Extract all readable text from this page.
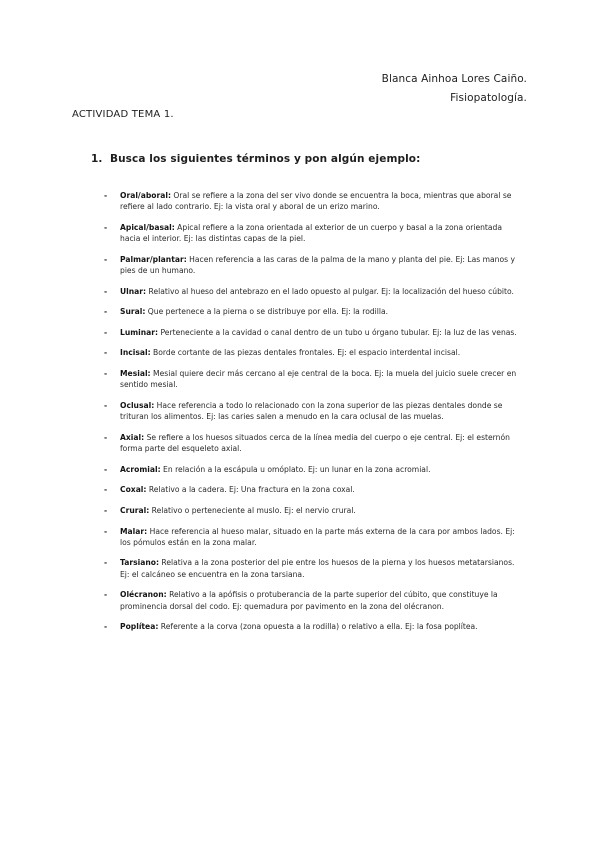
Blanca Ainhoa Lores Caiño.
Fisiopatología.
ACTIVIDAD TEMA 1.
1. Busca los siguientes términos y pon algún ejemplo:
- Oral/aboral: Oral se refiere a la zona del ser vivo donde se encuentra la boca, mientras que aboral se refiere al lado contrario. Ej: la vista oral y aboral de un erizo marino.
- Apical/basal: Apical refiere a la zona orientada al exterior de un cuerpo y basal a la zona orientada hacia el interior. Ej: las distintas capas de la piel.
- Palmar/plantar: Hacen referencia a las caras de la palma de la mano y planta del pie. Ej: Las manos y pies de un humano.
- Ulnar: Relativo al hueso del antebrazo en el lado opuesto al pulgar. Ej: la localización del hueso cúbito.
- Sural: Que pertenece a la pierna o se distribuye por ella. Ej: la rodilla.
- Luminar: Perteneciente a la cavidad o canal dentro de un tubo u órgano tubular. Ej: la luz de las venas.
- Incisal: Borde cortante de las piezas dentales frontales. Ej: el espacio interdental incisal.
- Mesial: Mesial quiere decir más cercano al eje central de la boca. Ej: la muela del juicio suele crecer en sentido mesial.
- Oclusal: Hace referencia a todo lo relacionado con la zona superior de las piezas dentales donde se trituran los alimentos. Ej: las caries salen a menudo en la cara oclusal de las muelas.
- Axial: Se refiere a los huesos situados cerca de la línea media del cuerpo o eje central. Ej: el esternón forma parte del esqueleto axial.
- Acromial: En relación a la escápula u omóplato. Ej: un lunar en la zona acromial.
- Coxal: Relativo a la cadera. Ej: Una fractura en la zona coxal.
- Crural: Relativo o perteneciente al muslo. Ej: el nervio crural.
- Malar: Hace referencia al hueso malar, situado en la parte más externa de la cara por ambos lados. Ej: los pómulos están en la zona malar.
- Tarsiano: Relativa a la zona posterior del pie entre los huesos de la pierna y los huesos metatarsianos. Ej: el calcáneo se encuentra en la zona tarsiana.
- Olécranon: Relativo a la apófisis o protuberancia de la parte superior del cúbito, que constituye la prominencia dorsal del codo. Ej: quemadura por pavimento en la zona del olécranon.
- Poplítea: Referente a la corva (zona opuesta a la rodilla) o relativo a ella. Ej: la fosa poplítea.
